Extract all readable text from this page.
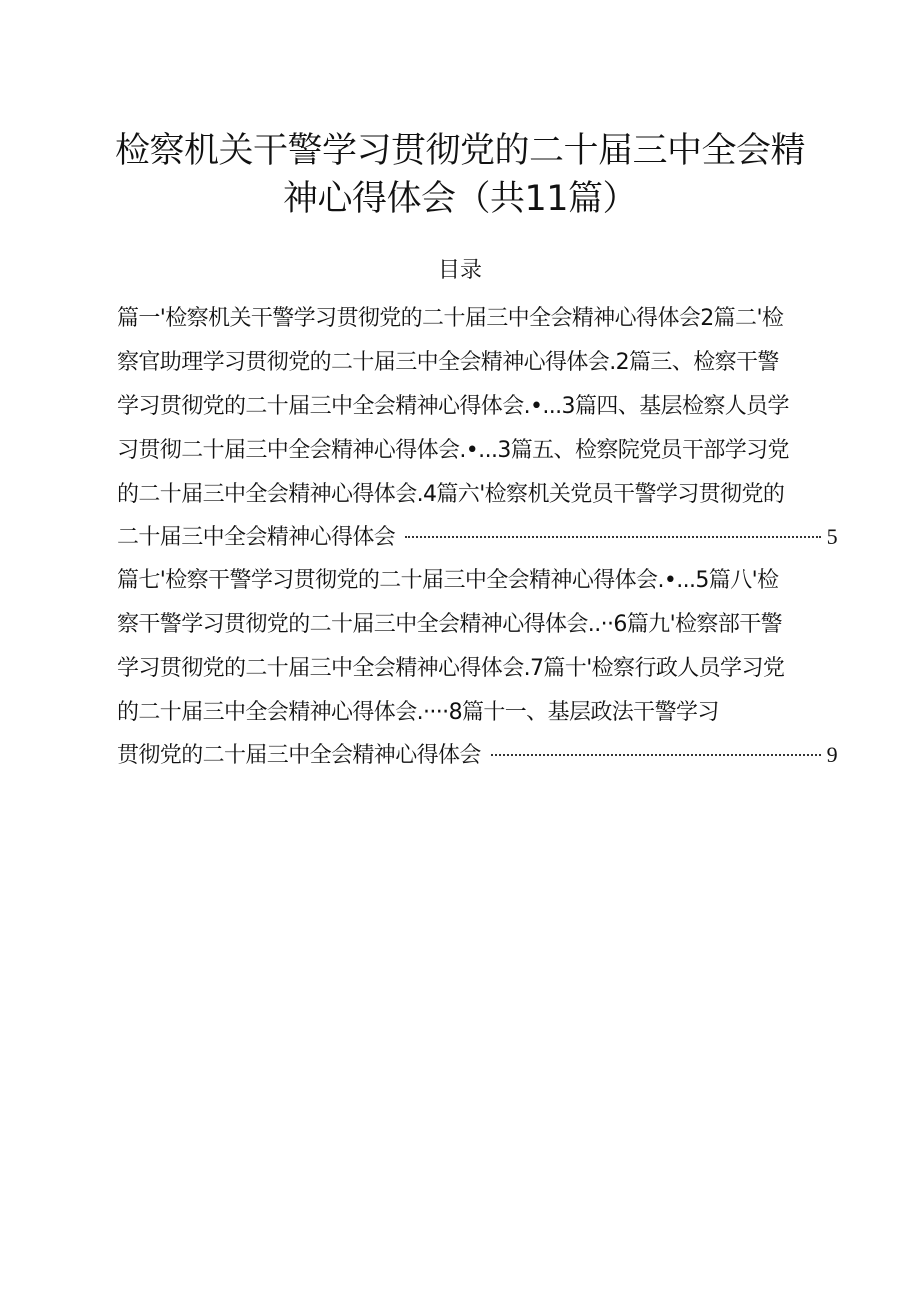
检察机关干警学习贯彻党的二十届三中全会精
神心得体会（共11篇）
目录
篇一'检察机关干警学习贯彻党的二十届三中全会精神心得体会2篇二'检
察官助理学习贯彻党的二十届三中全会精神心得体会.2篇三、检察干警
学习贯彻党的二十届三中全会精神心得体会.•...3篇四、基层检察人员学
习贯彻二十届三中全会精神心得体会.•...3篇五、检察院党员干部学习党
的二十届三中全会精神心得体会.4篇六'检察机关党员干警学习贯彻党的
二十届三中全会精神心得体会	5
篇七'检察干警学习贯彻党的二十届三中全会精神心得体会.•...5篇八'检
察干警学习贯彻党的二十届三中全会精神心得体会..··6篇九'检察部干警
学习贯彻党的二十届三中全会精神心得体会.7篇十'检察行政人员学习党
的二十届三中全会精神心得体会.····8篇十一、基层政法干警学习
贯彻党的二十届三中全会精神心得体会	9
